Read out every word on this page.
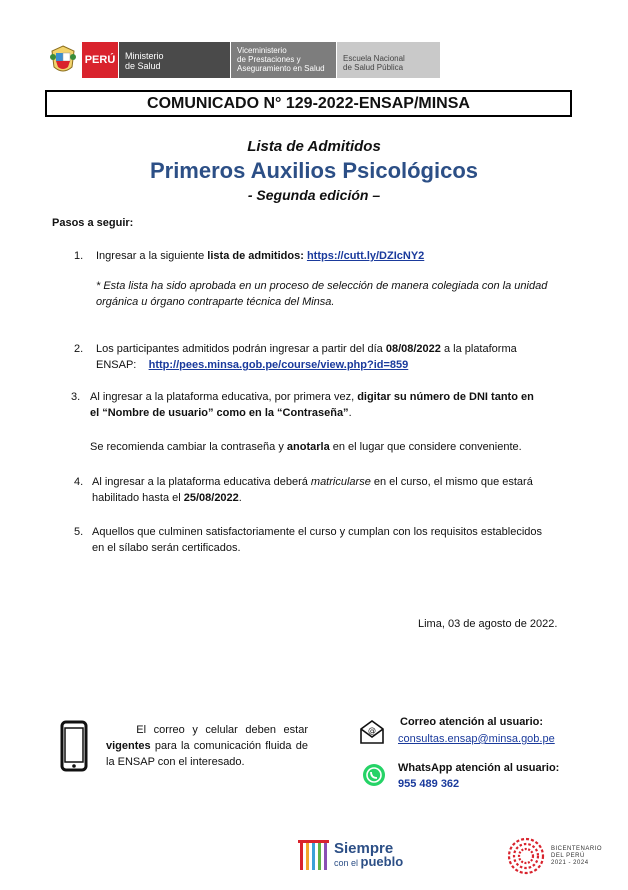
PERÚ	Ministerio
de Salud
Viceministerio
de Prestaciones y
Aseguramiento en Salud
Escuela Nacional
de Salud Pública
COMUNICADO N° 129-2022-ENSAP/MINSA
Lista de Admitidos
Primeros Auxilios Psicológicos
- Segunda edición –
Pasos a seguir:
1. Ingresar a la siguiente lista de admitidos: https://cutt.ly/DZIcNY2
* Esta lista ha sido aprobada en un proceso de selección de manera colegiada con la unidad
orgánica u órgano contraparte técnica del Minsa.
2. Los participantes admitidos podrán ingresar a partir del día 08/08/2022 a la plataforma
ENSAP: http://pees.minsa.gob.pe/course/view.php?id=859
3. Al ingresar a la plataforma educativa, por primera vez, digitar su número de DNI tanto en
el “Nombre de usuario” como en la “Contraseña”.
Se recomienda cambiar la contraseña y anotarla en el lugar que considere conveniente.
4. Al ingresar a la plataforma educativa deberá matricularse en el curso, el mismo que estará
habilitado hasta el 25/08/2022.
5. Aquellos que culminen satisfactoriamente el curso y cumplan con los requisitos establecidos
en el sílabo serán certificados.
Lima, 03 de agosto de 2022.
El correo y celular deben estar vigentes para la comunicación fluida de la ENSAP con el interesado.
@
Correo atención al usuario:
consultas.ensap@minsa.gob.pe
WhatsApp atención al usuario:
955 489 362
Siempre
con el pueblo
BICENTENARIO
DEL PERÚ
2021 - 2024
